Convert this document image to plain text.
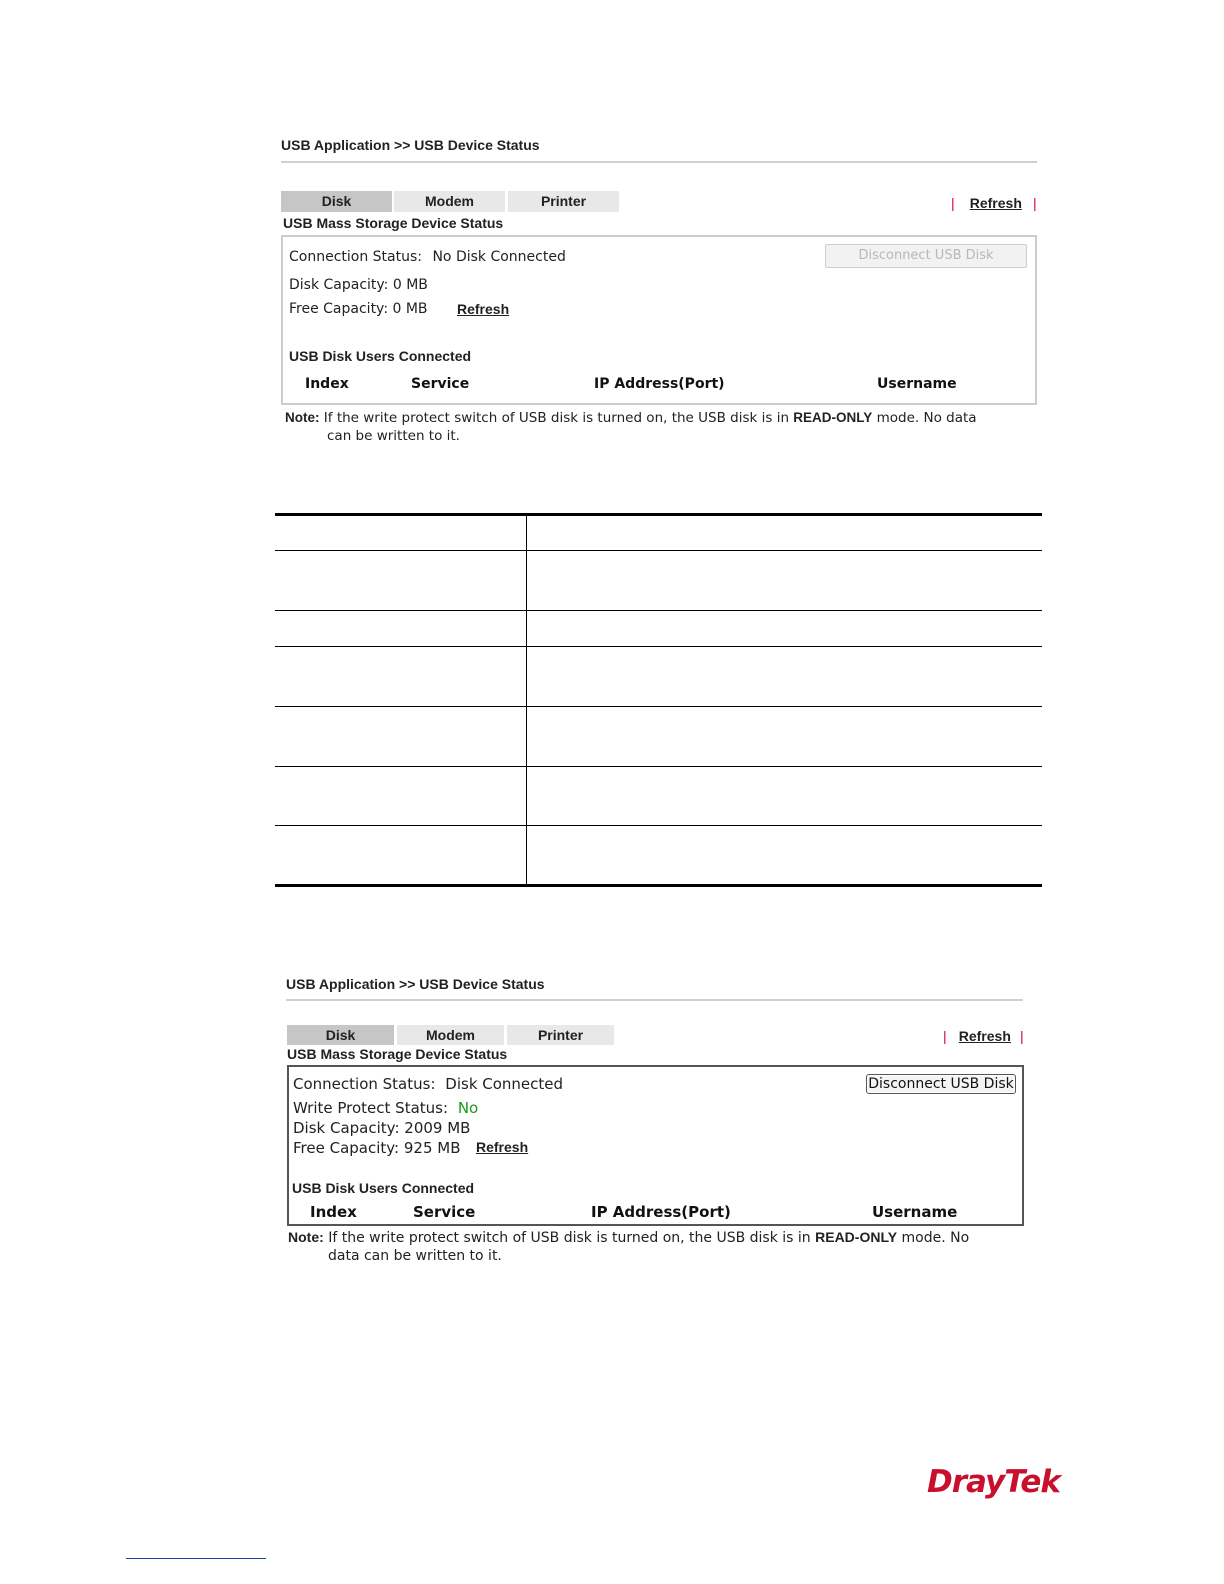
USB Application >> USB Device Status
Disk	Modem	Printer	| Refresh |
USB Mass Storage Device Status
Connection Status: No Disk Connected	Disconnect USB Disk
Disk Capacity: 0 MB
Free Capacity: 0 MB Refresh
USB Disk Users Connected
Index	Service	IP Address(Port)	Username
Note: If the write protect switch of USB disk is turned on, the USB disk is in READ-ONLY mode. No data
can be written to it.
USB Application >> USB Device Status
Disk	Modem	Printer	| Refresh |
USB Mass Storage Device Status
Connection Status: Disk Connected	Disconnect USB Disk
Write Protect Status: No
Disk Capacity: 2009 MB
Free Capacity: 925 MB Refresh
USB Disk Users Connected
Index	Service	IP Address(Port)	Username
Note: If the write protect switch of USB disk is turned on, the USB disk is in READ-ONLY mode. No
data can be written to it.
DrayTek
